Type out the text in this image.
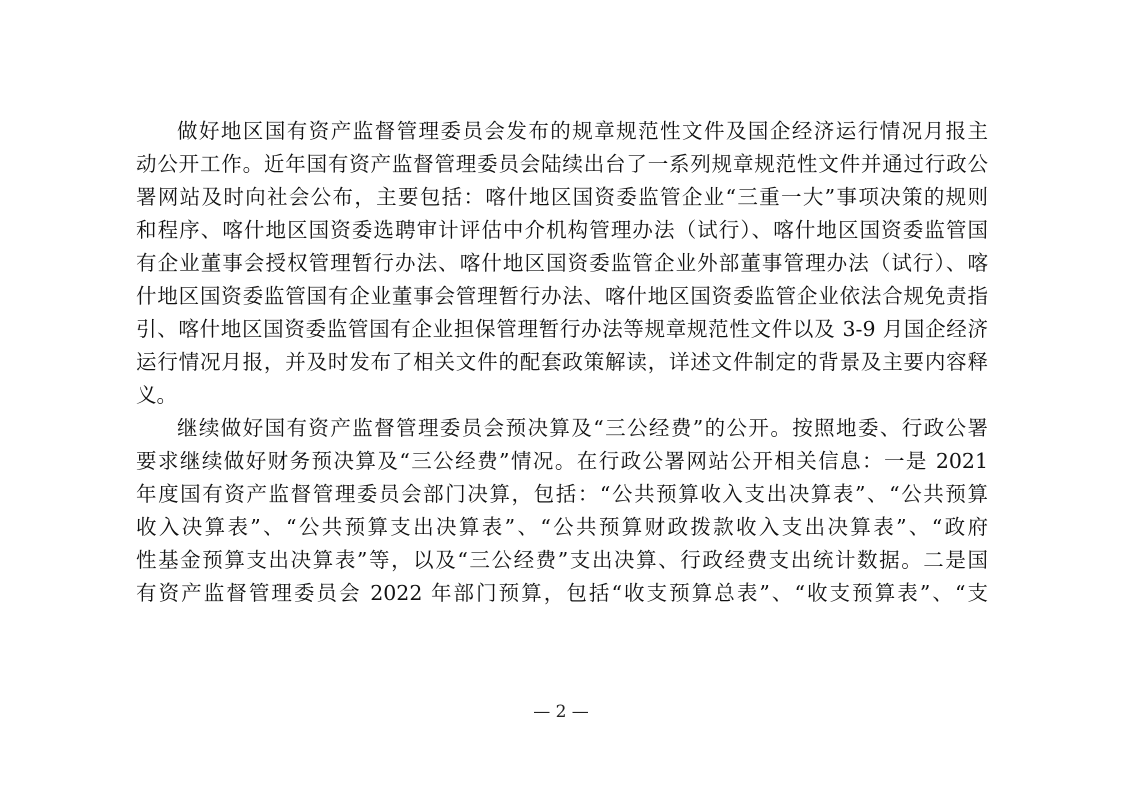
做好地区国有资产监督管理委员会发布的规章规范性文件及国企经济运行情况月报主
动公开工作。近年国有资产监督管理委员会陆续出台了一系列规章规范性文件并通过行政公
署网站及时向社会公布，主要包括：喀什地区国资委监管企业“三重一大”事项决策的规则
和程序、喀什地区国资委选聘审计评估中介机构管理办法（试行）、喀什地区国资委监管国
有企业董事会授权管理暂行办法、喀什地区国资委监管企业外部董事管理办法（试行）、喀
什地区国资委监管国有企业董事会管理暂行办法、喀什地区国资委监管企业依法合规免责指
引、喀什地区国资委监管国有企业担保管理暂行办法等规章规范性文件以及 3-9 月国企经济
运行情况月报，并及时发布了相关文件的配套政策解读，详述文件制定的背景及主要内容释
义。
继续做好国有资产监督管理委员会预决算及“三公经费”的公开。按照地委、行政公署
要求继续做好财务预决算及“三公经费”情况。在行政公署网站公开相关信息：一是 2021
年度国有资产监督管理委员会部门决算，包括：“公共预算收入支出决算表”、“公共预算
收入决算表”、“公共预算支出决算表”、“公共预算财政拨款收入支出决算表”、“政府
性基金预算支出决算表”等，以及“三公经费”支出决算、行政经费支出统计数据。二是国
有资产监督管理委员会 2022 年部门预算，包括“收支预算总表”、“收支预算表”、“支
— 2 —
